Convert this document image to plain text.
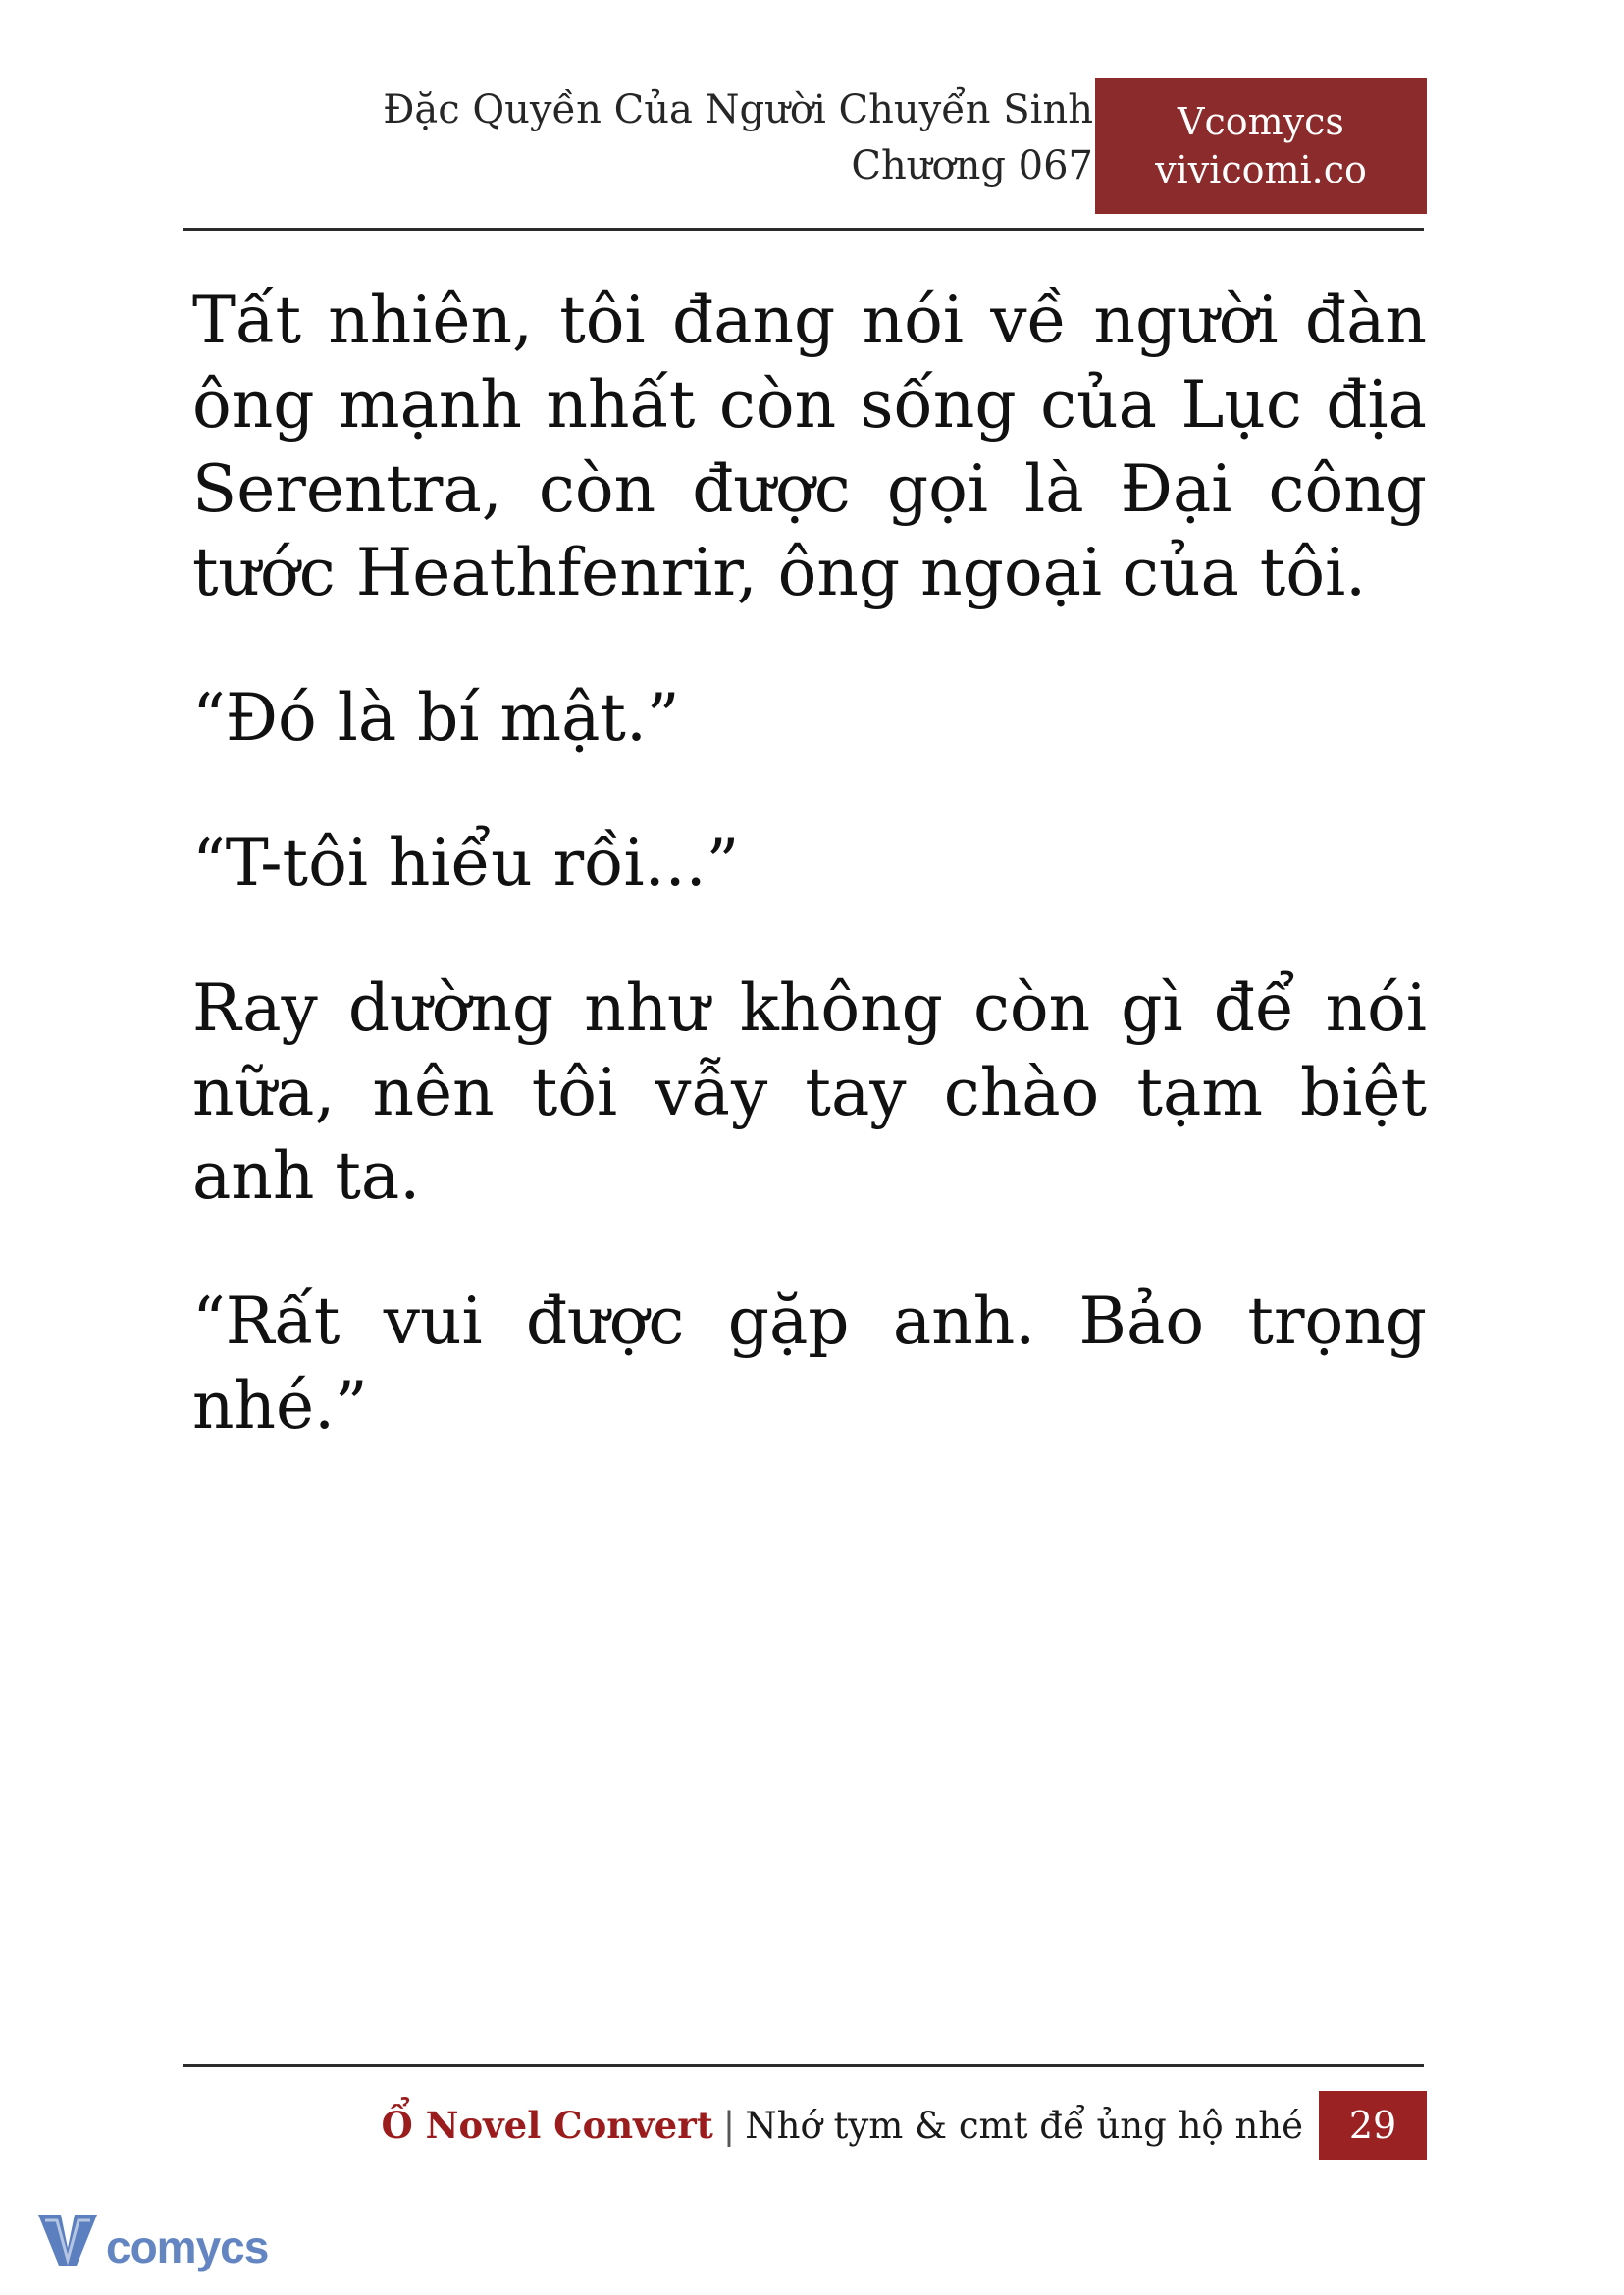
Đặc Quyền Của Người Chuyển Sinh
Chương 067
Vcomycs
vivicomi.co

Tất nhiên, tôi đang nói về người đàn ông mạnh nhất còn sống của Lục địa Serentra, còn được gọi là Đại công tước Heathfenrir, ông ngoại của tôi.

“Đó là bí mật.”

“T-tôi hiểu rồi...”

Ray dường như không còn gì để nói nữa, nên tôi vẫy tay chào tạm biệt anh ta.

“Rất vui được gặp anh. Bảo trọng nhé.”

Ổ Novel Convert | Nhớ tym & cmt để ủng hộ nhé	29
comycs
